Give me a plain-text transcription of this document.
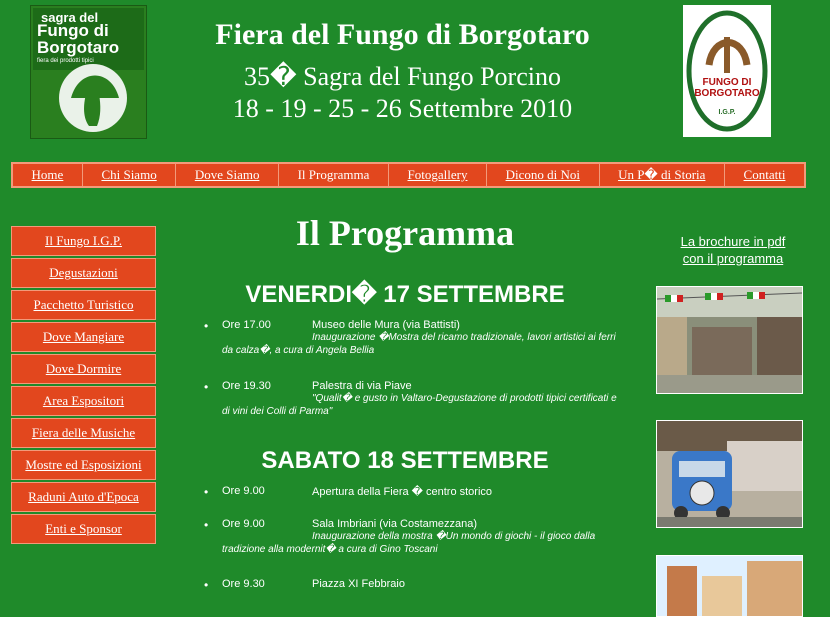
sagra del
Fungo di Borgotaro
fiera dei prodotti tipici
FUNGO DI BORGOTARO
I.G.P.
Fiera del Fungo di Borgotaro
35� Sagra del Fungo Porcino
18 - 19 - 25 - 26 Settembre 2010
Home	Chi Siamo	Dove Siamo	Il Programma	Fotogallery	Dicono di Noi	Un P� di Storia	Contatti
Il Fungo I.G.P.
Degustazioni
Pacchetto Turistico
Dove Mangiare
Dove Dormire
Area Espositori
Fiera delle Musiche
Mostre ed Esposizioni
Raduni Auto d'Epoca
Enti e Sponsor
Il Programma
VENERDI� 17 SETTEMBRE
• Ore 17.00	Museo delle Mura (via Battisti)
Inaugurazione �Mostra del ricamo tradizionale, lavori artistici ai ferri da calza�, a cura di Angela Bellia
• Ore 19.30	Palestra di via Piave
"Qualit� e gusto in Valtaro-Degustazione di prodotti tipici certificati e di vini dei Colli di Parma"
SABATO 18 SETTEMBRE
• Ore 9.00	Apertura della Fiera � centro storico
• Ore 9.00	Sala Imbriani (via Costamezzana)
Inaugurazione della mostra �Un mondo di giochi - il gioco dalla tradizione alla modernit� a cura di Gino Toscani
• Ore 9.30	Piazza XI Febbraio
La brochure in pdf
con il programma
